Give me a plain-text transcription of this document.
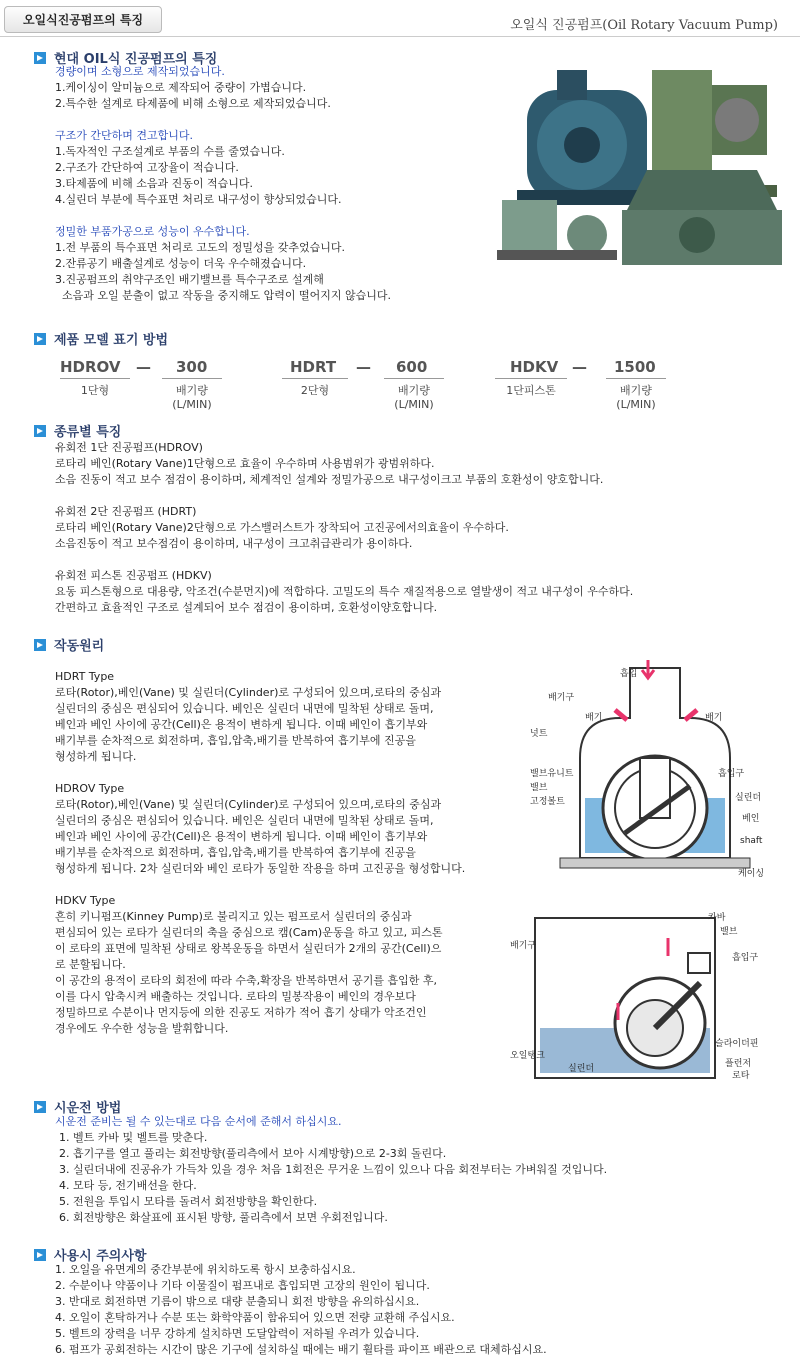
오일식진공펌프의 특징	오일식 진공펌프(Oil Rotary Vacuum Pump)
현대 OIL식 진공펌프의 특징
경량이며 소형으로 제작되었습니다.
1.케이싱이 알미늄으로 제작되어 중량이 가볍습니다.
2.특수한 설계로 타제품에 비해 소형으로 제작되었습니다.
구조가 간단하며 견고합니다.
1.독자적인 구조설계로 부품의 수를 줄였습니다.
2.구조가 간단하여 고장율이 적습니다.
3.타제품에 비해 소음과 진동이 적습니다.
4.실린더 부분에 특수표면 처리로 내구성이 향상되었습니다.
정밀한 부품가공으로 성능이 우수합니다.
1.전 부품의 특수표면 처리로 고도의 정밀성을 갖추었습니다.
2.잔류공기 배출설계로 성능이 더욱 우수해졌습니다.
3.진공펌프의 취약구조인 배기밸브를 특수구조로 설계해
소음과 오일 분출이 없고 작동을 중지해도 압력이 떨어지지 않습니다.
제품 모델 표기 방법
HDROV — 300
1단형	배기량
(L/MIN)
HDRT — 600
2단형	배기량
(L/MIN)
HDKV — 1500
1단피스톤	배기량
(L/MIN)
종류별 특징
유회전 1단 진공펌프(HDROV)
로타리 베인(Rotary Vane)1단형으로 효율이 우수하며 사용범위가 광범위하다.
소음 진동이 적고 보수 점검이 용이하며, 체계적인 설계와 정밀가공으로 내구성이크고 부품의 호환성이 양호합니다.
유회전 2단 진공펌프 (HDRT)
로타리 베인(Rotary Vane)2단형으로 가스밸러스트가 장착되어 고진공에서의효율이 우수하다.
소음진동이 적고 보수점검이 용이하며, 내구성이 크고취급관리가 용이하다.
유회전 피스톤 진공펌프 (HDKV)
요동 피스톤형으로 대용량, 악조건(수분먼지)에 적합하다. 고밀도의 특수 재질적용으로 열발생이 적고 내구성이 우수하다.
간편하고 효율적인 구조로 설계되어 보수 점검이 용이하며, 호환성이양호합니다.
작동원리
HDRT Type
로타(Rotor),베인(Vane) 및 실린더(Cylinder)로 구성되어 있으며,로타의 중심과
실린더의 중심은 편심되어 있습니다. 베인은 실린더 내면에 밀착된 상태로 돌며,
베인과 베인 사이에 공간(Cell)은 용적이 변하게 됩니다. 이때 베인이 흡기부와
배기부를 순차적으로 회전하며, 흡입,압축,배기를 반복하여 흡기부에 진공을
형성하게 됩니다.
HDROV Type
로타(Rotor),베인(Vane) 및 실린더(Cylinder)로 구성되어 있으며,로타의 중심과
실린더의 중심은 편심되어 있습니다. 베인은 실린더 내면에 밀착된 상태로 돌며,
베인과 베인 사이에 공간(Cell)은 용적이 변하게 됩니다. 이때 베인이 흡기부와
배기부를 순차적으로 회전하며, 흡입,압축,배기를 반복하여 흡기부에 진공을
형성하게 됩니다. 2차 실린더와 베인 로타가 동일한 작용을 하며 고진공을 형성합니다.
HDKV Type
흔히 키니펌프(Kinney Pump)로 불리지고 있는 펌프로서 실린더의 중심과
편심되어 있는 로타가 실린더의 축을 중심으로 캠(Cam)운동을 하고 있고, 피스톤
이 로타의 표면에 밀착된 상태로 왕복운동을 하면서 실린더가 2개의 공간(Cell)으
로 분할됩니다.
이 공간의 용적이 로타의 회전에 따라 수축,확장을 반복하면서 공기를 흡입한 후,
이를 다시 압축시켜 배출하는 것입니다. 로타의 밀봉작용이 베인의 경우보다
정밀하므로 수분이나 먼지등에 의한 진공도 저하가 적어 흡기 상태가 악조건인
경우에도 우수한 성능을 발휘합니다.
흡입
배기구
배기	배기
넛트
흡입구
밸브유니트
밸브
고정볼트	실린더
베인
shaft
케이싱
카바
밸브
배기구
흡입구
오일탱크
실린더
슬라이더핀
플런저
로타
시운전 방법
시운전 준비는 될 수 있는대로 다음 순서에 준해서 하십시요.
1. 벨트 카바 및 벨트를 맞춘다.
2. 흡기구를 열고 풀리는 회전방향(풀리측에서 보아 시계방향)으로 2-3회 돌린다.
3. 실린더내에 진공유가 가득차 있을 경우 처음 1회전은 무거운 느낌이 있으나 다음 회전부터는 가벼워질 것입니다.
4. 모타 등, 전기배선을 한다.
5. 전원을 투입시 모타를 돌려서 회전방향을 확인한다.
6. 회전방향은 화살표에 표시된 방향, 풀리측에서 보면 우회전입니다.
사용시 주의사항
1. 오일을 유면계의 중간부분에 위치하도록 항시 보충하십시요.
2. 수분이나 약품이나 기타 이물질이 펌프내로 흡입되면 고장의 원인이 됩니다.
3. 반대로 회전하면 기름이 밖으로 대량 분출되니 회전 방향을 유의하십시요.
4. 오일이 혼탁하거나 수분 또는 화학약품이 함유되어 있으면 전량 교환해 주십시요.
5. 벨트의 장력을 너무 강하게 설치하면 도달압력이 저하될 우려가 있습니다.
6. 펌프가 공회전하는 시간이 많은 기구에 설치하실 때에는 배기 휠타를 파이프 배관으로 대체하십시요.
